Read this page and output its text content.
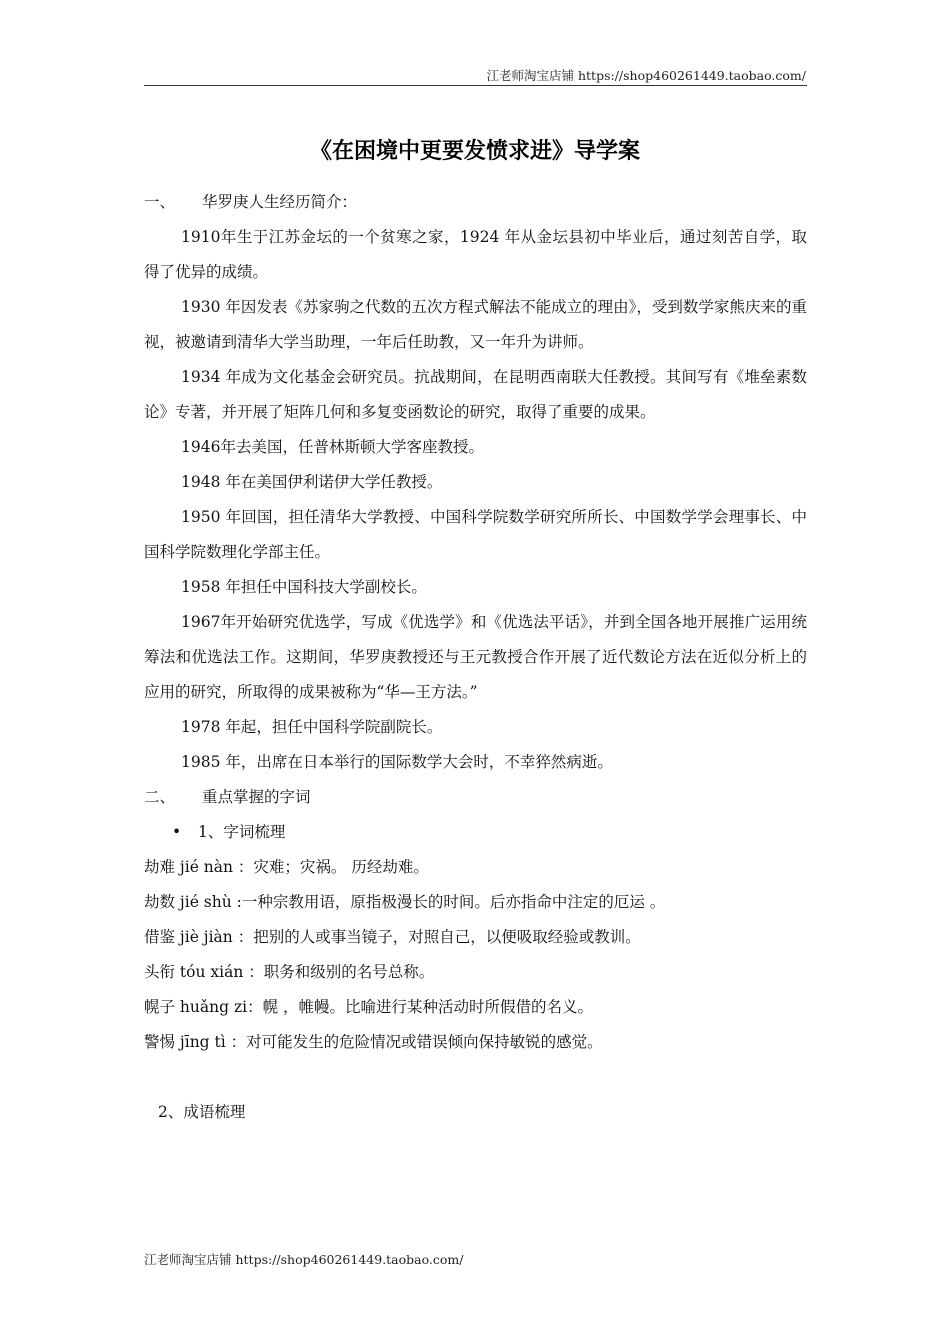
江老师淘宝店铺 https://shop460261449.taobao.com/
《在困境中更要发愤求进》导学案

一、 华罗庚人生经历简介：

1910年生于江苏金坛的一个贫寒之家，1924 年从金坛县初中毕业后，通过刻苦自学，取得了优异的成绩。

1930 年因发表《苏家驹之代数的五次方程式解法不能成立的理由》，受到数学家熊庆来的重视，被邀请到清华大学当助理，一年后任助教，又一年升为讲师。

1934 年成为文化基金会研究员。抗战期间，在昆明西南联大任教授。其间写有《堆垒素数论》专著，并开展了矩阵几何和多复变函数论的研究，取得了重要的成果。

1946年去美国，任普林斯顿大学客座教授。

1948 年在美国伊利诺伊大学任教授。

1950 年回国，担任清华大学教授、中国科学院数学研究所所长、中国数学学会理事长、中国科学院数理化学部主任。

1958 年担任中国科技大学副校长。

1967年开始研究优选学，写成《优选学》和《优选法平话》，并到全国各地开展推广运用统筹法和优选法工作。这期间，华罗庚教授还与王元教授合作开展了近代数论方法在近似分析上的应用的研究，所取得的成果被称为“华—王方法。”

1978 年起，担任中国科学院副院长。

1985 年，出席在日本举行的国际数学大会时，不幸猝然病逝。

二、 重点掌握的字词

• 1、字词梳理

劫难 jié nàn ：灾难；灾祸。 历经劫难。

劫数 jié shù :一种宗教用语，原指极漫长的时间。后亦指命中注定的厄运 。

借鉴 jiè jiàn ：把别的人或事当镜子，对照自己，以便吸取经验或教训。

头衔 tóu xián ：职务和级别的名号总称。

幌子 huǎng zi：幌 ，帷幔。比喻进行某种活动时所假借的名义。

警惕 jīng tì ：对可能发生的危险情况或错误倾向保持敏锐的感觉。

2、成语梳理

江老师淘宝店铺 https://shop460261449.taobao.com/
